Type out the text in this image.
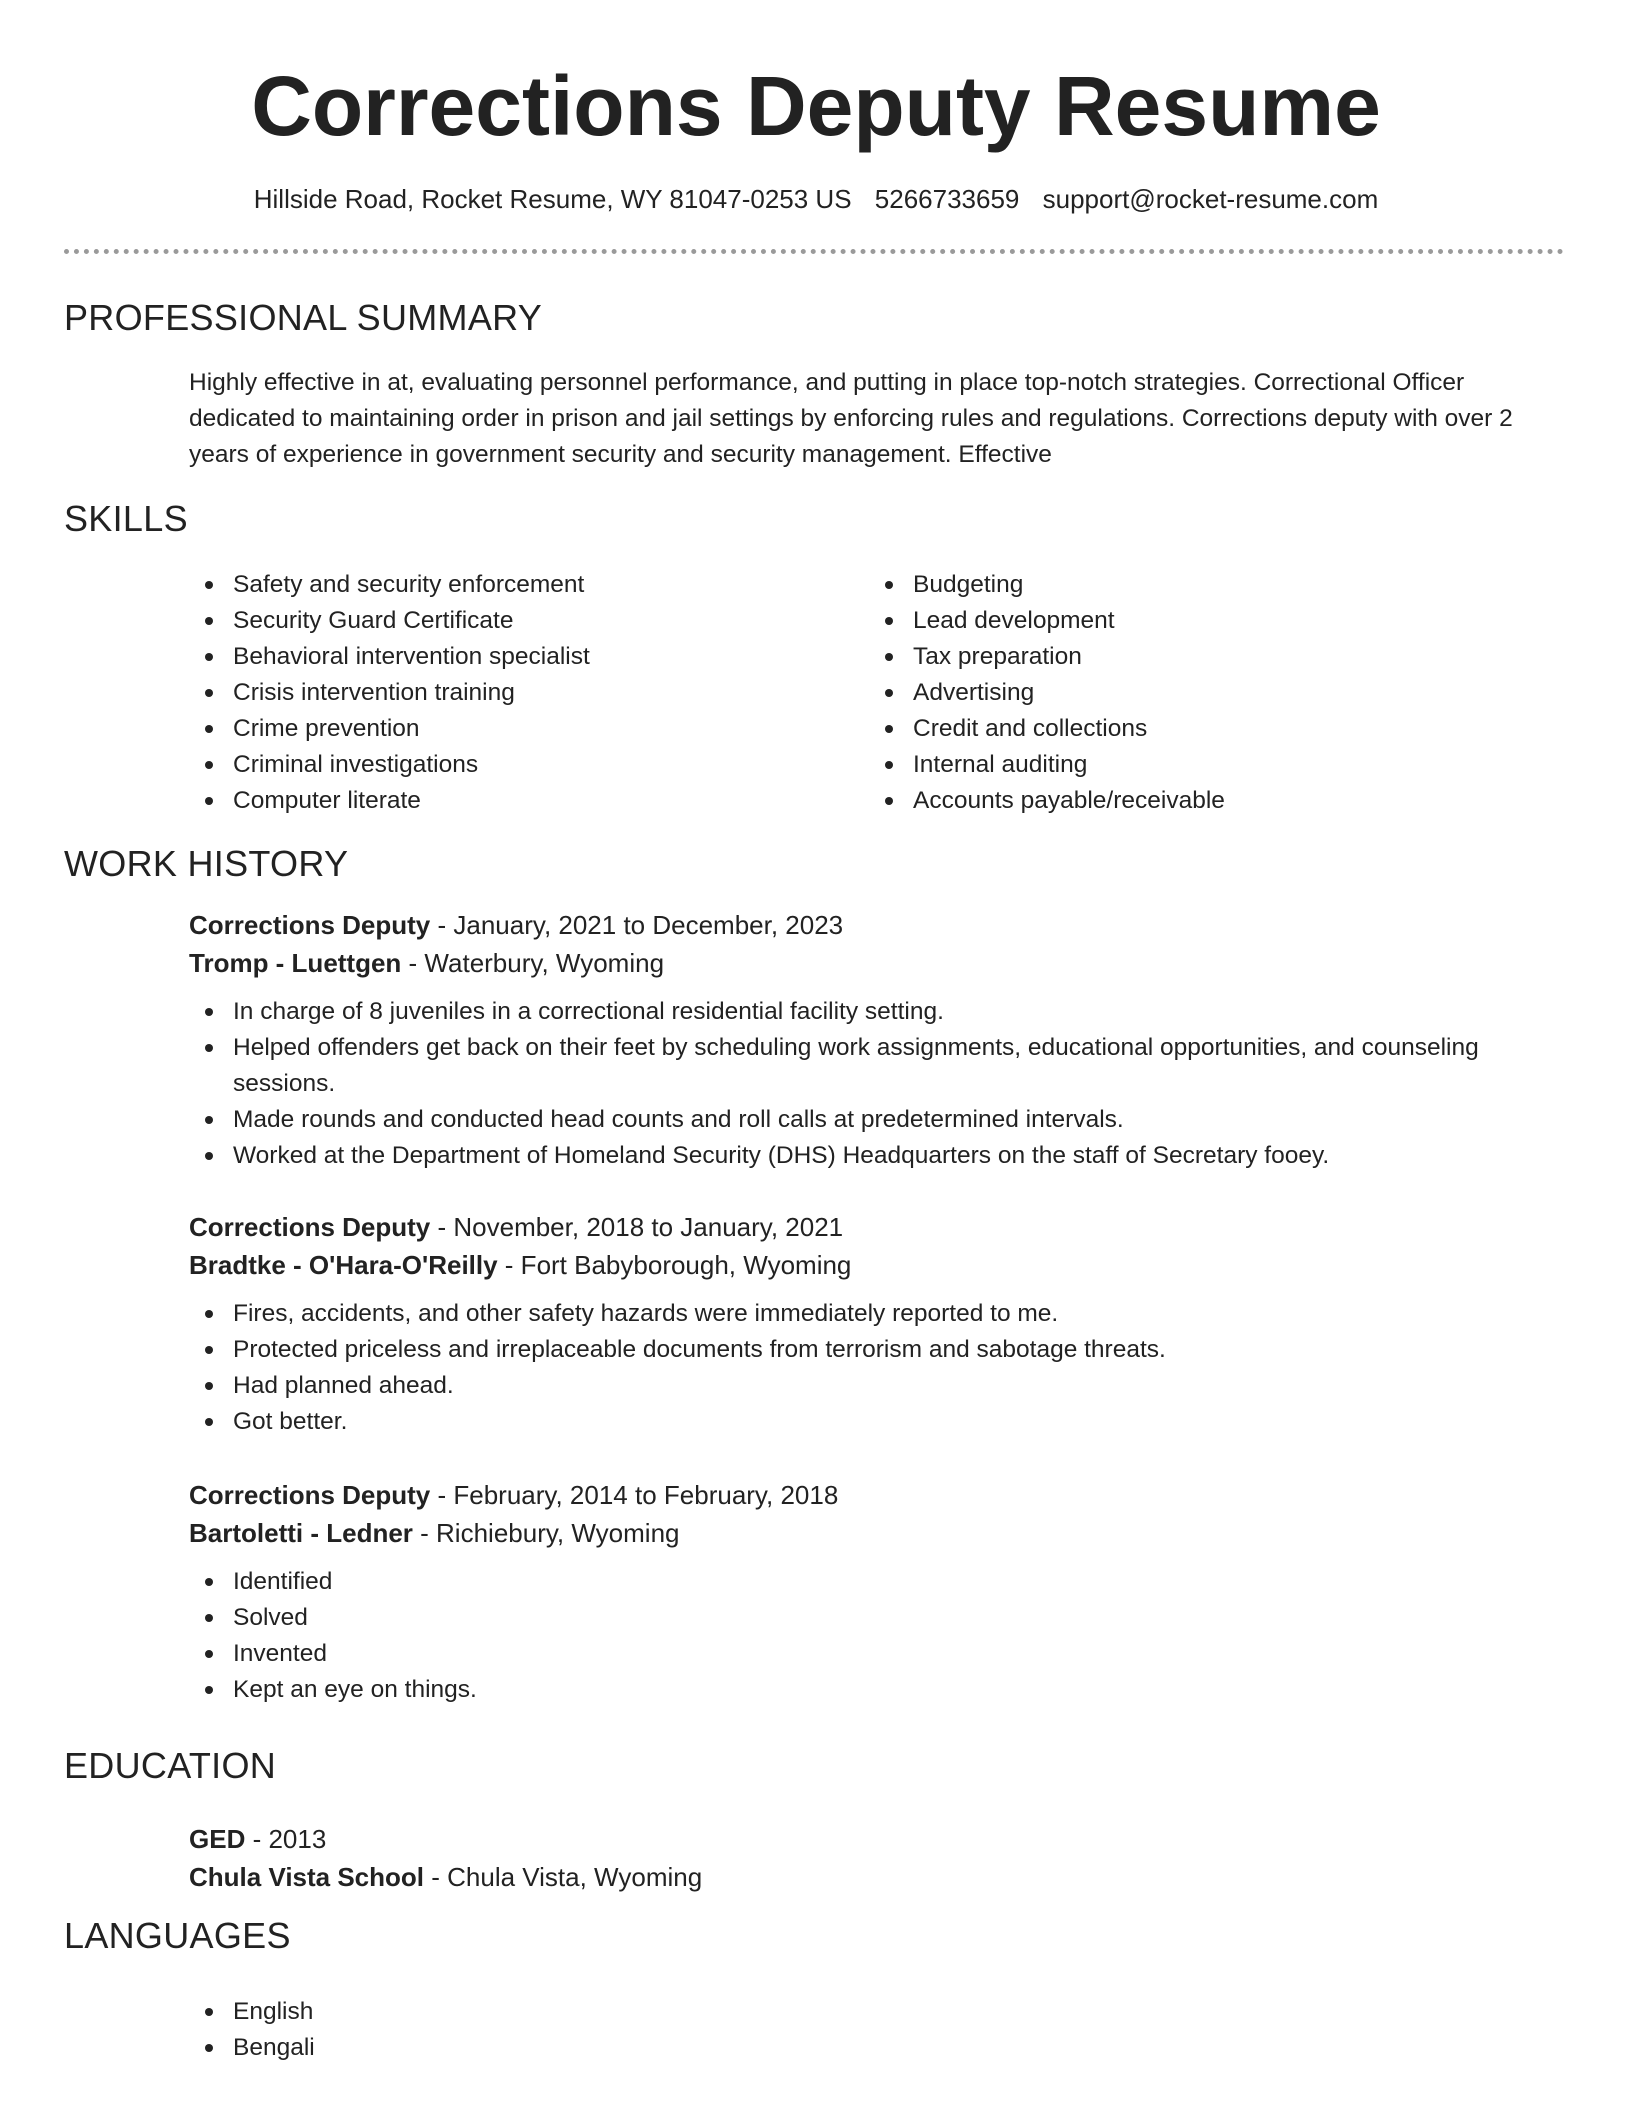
Corrections Deputy Resume
Hillside Road, Rocket Resume, WY 81047-0253 US 5266733659 support@rocket-resume.com
PROFESSIONAL SUMMARY

Highly effective in at, evaluating personnel performance, and putting in place top-notch strategies. Correctional Officer dedicated to maintaining order in prison and jail settings by enforcing rules and regulations. Corrections deputy with over 2 years of experience in government security and security management. Effective

SKILLS
Safety and security enforcement
Security Guard Certificate
Behavioral intervention specialist
Crisis intervention training
Crime prevention
Criminal investigations
Computer literate
Budgeting
Lead development
Tax preparation
Advertising
Credit and collections
Internal auditing
Accounts payable/receivable
WORK HISTORY

Corrections Deputy - January, 2021 to December, 2023

Tromp - Luettgen - Waterbury, Wyoming

In charge of 8 juveniles in a correctional residential facility setting.
Helped offenders get back on their feet by scheduling work assignments, educational opportunities, and counseling sessions.
Made rounds and conducted head counts and roll calls at predetermined intervals.
Worked at the Department of Homeland Security (DHS) Headquarters on the staff of Secretary fooey.

Corrections Deputy - November, 2018 to January, 2021

Bradtke - O'Hara-O'Reilly - Fort Babyborough, Wyoming

Fires, accidents, and other safety hazards were immediately reported to me.
Protected priceless and irreplaceable documents from terrorism and sabotage threats.
Had planned ahead.
Got better.

Corrections Deputy - February, 2014 to February, 2018

Bartoletti - Ledner - Richiebury, Wyoming

Identified
Solved
Invented
Kept an eye on things.
EDUCATION

GED - 2013

Chula Vista School - Chula Vista, Wyoming

LANGUAGES
English
Bengali
